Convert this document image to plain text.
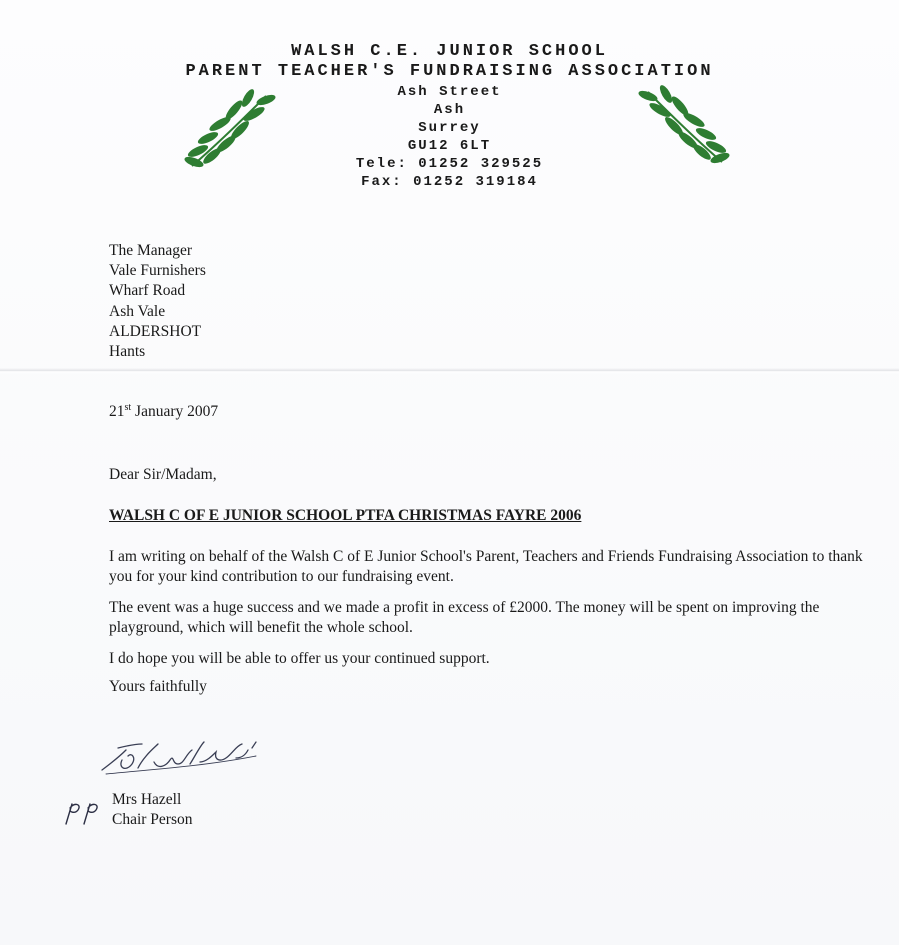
WALSH C.E. JUNIOR SCHOOL
PARENT TEACHER'S FUNDRAISING ASSOCIATION
Ash Street
Ash
Surrey
GU12 6LT
Tele: 01252 329525
Fax: 01252 319184
The Manager
Vale Furnishers
Wharf Road
Ash Vale
ALDERSHOT
Hants
21st January 2007
Dear Sir/Madam,
WALSH C OF E JUNIOR SCHOOL PTFA CHRISTMAS FAYRE 2006
I am writing on behalf of the Walsh C of E Junior School's Parent, Teachers and Friends Fundraising Association to thank you for your kind contribution to our fundraising event.
The event was a huge success and we made a profit in excess of £2000. The money will be spent on improving the playground, which will benefit the whole school.
I do hope you will be able to offer us your continued support.
Yours faithfully
Mrs Hazell
Chair Person
